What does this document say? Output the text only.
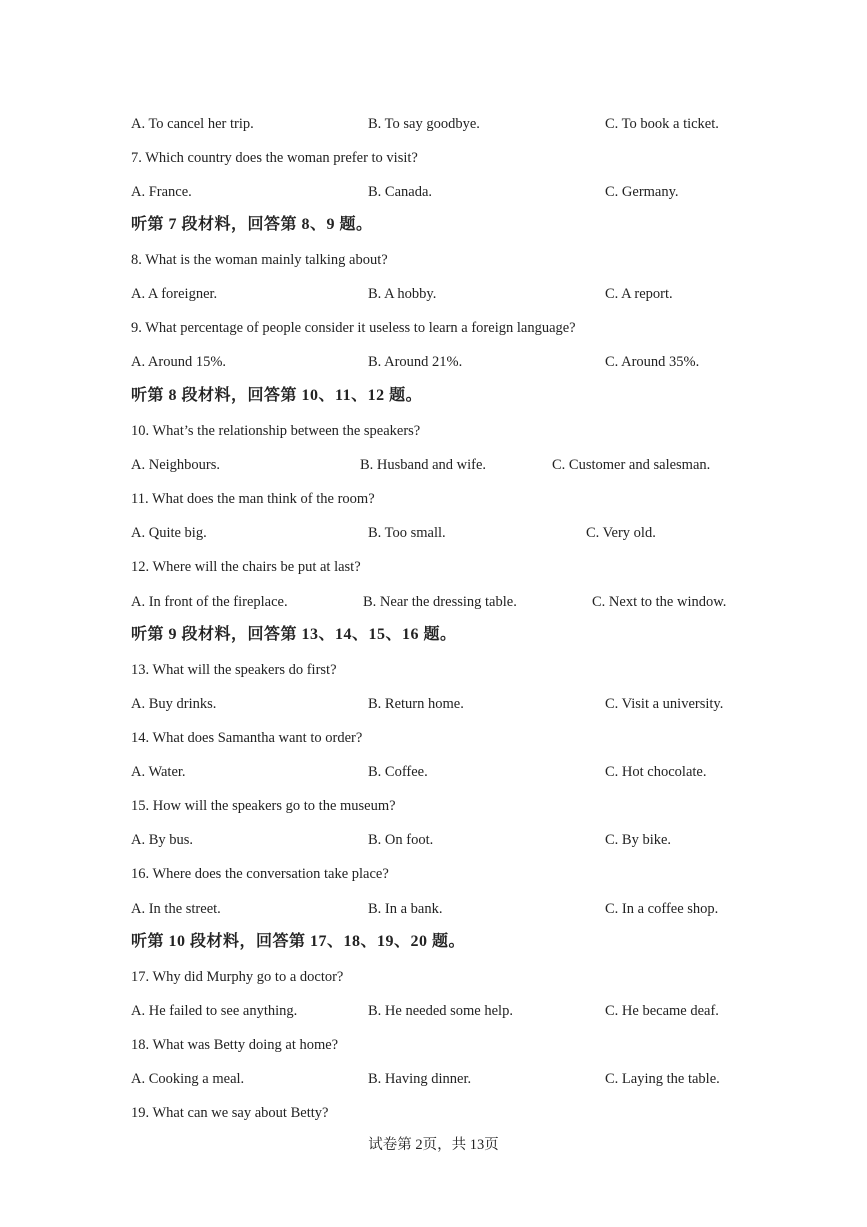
A. To cancel her trip.	B. To say goodbye.	C. To book a ticket.
7. Which country does the woman prefer to visit?
A. France.	B. Canada.	C. Germany.
听第 7 段材料，回答第 8、9 题。
8. What is the woman mainly talking about?
A. A foreigner.	B. A hobby.	C. A report.
9. What percentage of people consider it useless to learn a foreign language?
A. Around 15%.	B. Around 21%.	C. Around 35%.
听第 8 段材料，回答第 10、11、12 题。
10. What’s the relationship between the speakers?
A. Neighbours.	B. Husband and wife.	C. Customer and salesman.
11. What does the man think of the room?
A. Quite big.	B. Too small.	C. Very old.
12. Where will the chairs be put at last?
A. In front of the fireplace.	B. Near the dressing table.	C. Next to the window.
听第 9 段材料，回答第 13、14、15、16 题。
13. What will the speakers do first?
A. Buy drinks.	B. Return home.	C. Visit a university.
14. What does Samantha want to order?
A. Water.	B. Coffee.	C. Hot chocolate.
15. How will the speakers go to the museum?
A. By bus.	B. On foot.	C. By bike.
16. Where does the conversation take place?
A. In the street.	B. In a bank.	C. In a coffee shop.
听第 10 段材料，回答第 17、18、19、20 题。
17. Why did Murphy go to a doctor?
A. He failed to see anything.	B. He needed some help.	C. He became deaf.
18. What was Betty doing at home?
A. Cooking a meal.	B. Having dinner.	C. Laying the table.
19. What can we say about Betty?
试卷第 2页，共 13页
